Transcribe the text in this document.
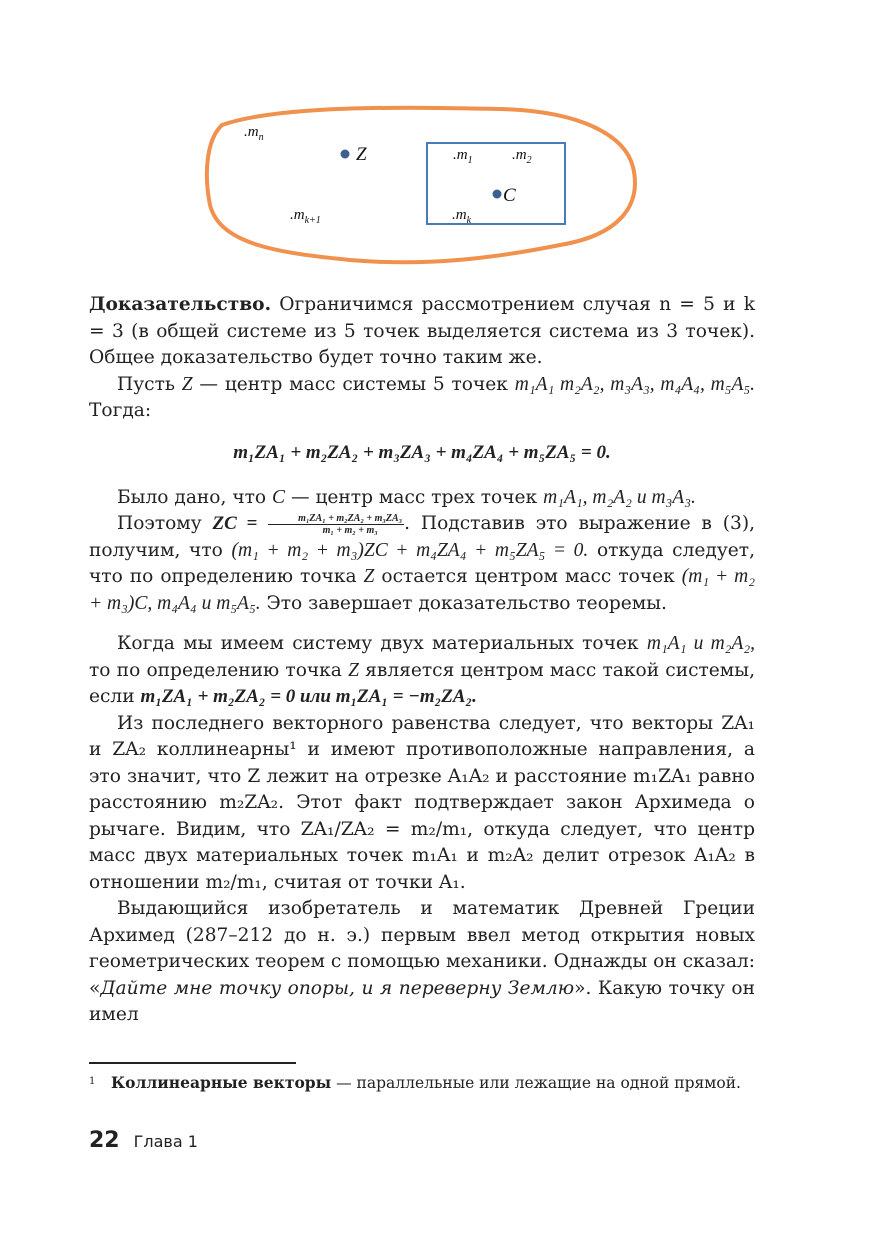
$.m_n$
Z	$.m_1$	$.m_2$
C
$.m_{k+1}$	$.m_k$

Доказательство. Ограничимся рассмотрением случая n = 5 и k = 3 (в общей системе из 5 точек выделяется система из 3 точек). Общее доказательство будет точно таким же.

Пусть Z — центр масс системы 5 точек m₁A₁ m₂A₂, m₃A₃, m₄A₄, m₅A₅. Тогда:

m₁ZA₁ + m₂ZA₂ + m₃ZA₃ + m₄ZA₄ + m₅ZA₅ = 0.

Было дано, что C — центр масс трех точек m₁A₁, m₂A₂ и m₃A₃.

Поэтому ZC = $\frac{\text{m₁ZA₁ + m₂ZA₂ + m₃ZA₃}}{\text{m₁ + m₂ + m₃}}$ . Подставив это выражение в (3), получим, что (m₁ + m₂ + m₃)ZC + m₄ZA₄ + m₅ZA₅ = 0. откуда следует, что по определению точка Z остается центром масс точек (m₁ + m₂ + m₃)C, m₄A₄ и m₅A₅. Это завершает доказательство теоремы.

Когда мы имеем систему двух материальных точек m₁A₁ и m₂A₂, то по определению точка Z является центром масс такой системы, если m₁ZA₁ + m₂ZA₂ = 0 или m₁ZA₁ = −m₂ZA₂.

Из последнего векторного равенства следует, что векторы ZA₁ и ZA₂ коллинеарны¹ и имеют противоположные направления, а это значит, что Z лежит на отрезке A₁A₂ и расстояние m₁ZA₁ равно расстоянию m₂ZA₂. Этот факт подтверждает закон Архимеда о рычаге. Видим, что ZA₁/ZA₂ = m₂/m₁, откуда следует, что центр масс двух материальных точек m₁A₁ и m₂A₂ делит отрезок A₁A₂ в отношении m₂/m₁, считая от точки A₁.

Выдающийся изобретатель и математик Древней Греции Архимед (287–212 до н. э.) первым ввел метод открытия новых геометрических теорем с помощью механики. Однажды он сказал: «Дайте мне точку опоры, и я переверну Землю». Какую точку он имел

1 Коллинеарные векторы — параллельные или лежащие на одной прямой.
22 Глава 1
